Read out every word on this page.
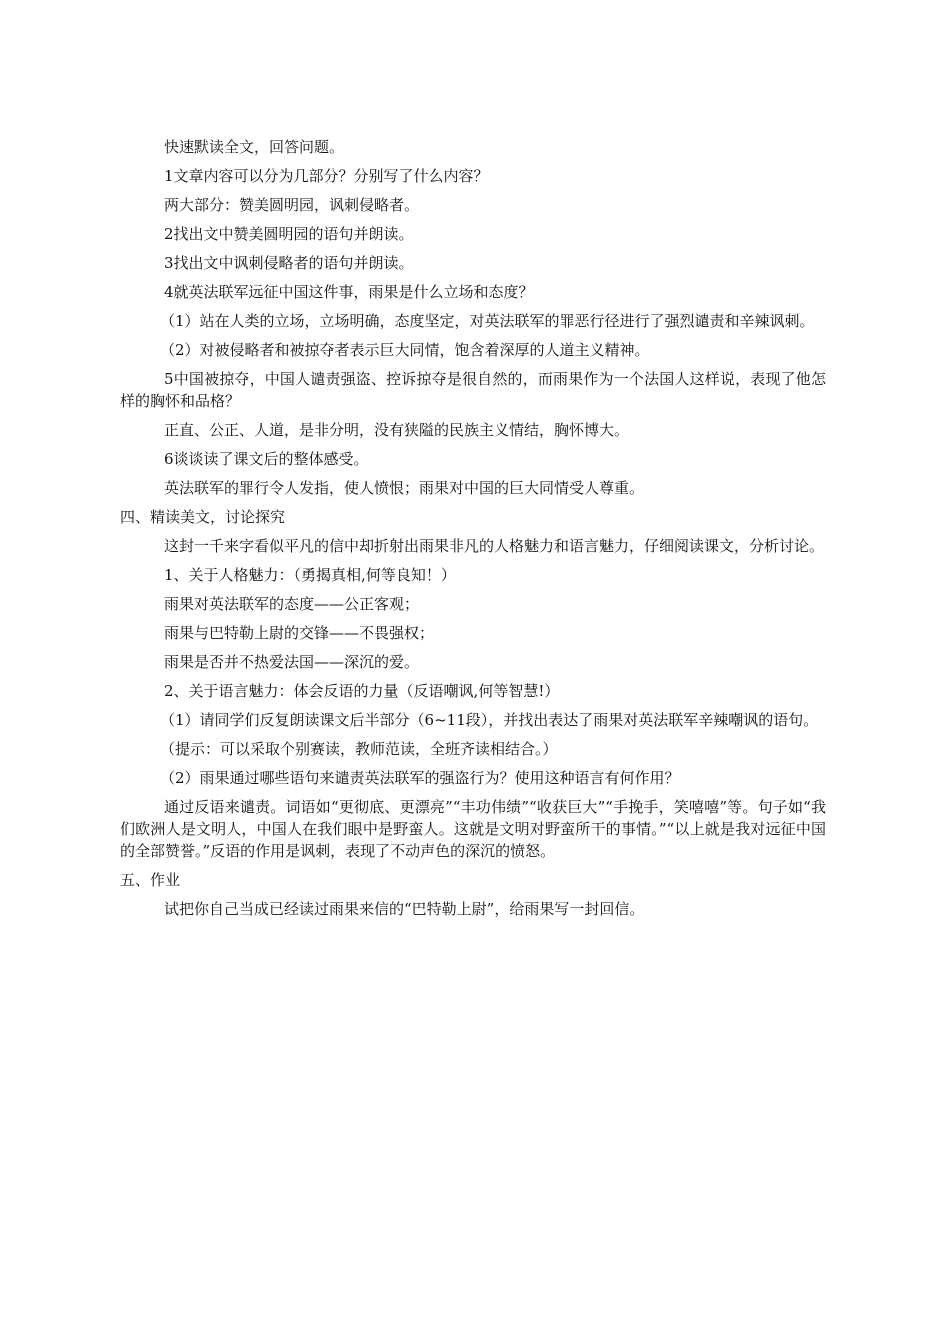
快速默读全文，回答问题。

1文章内容可以分为几部分？分别写了什么内容？

两大部分：赞美圆明园，讽刺侵略者。

2找出文中赞美圆明园的语句并朗读。

3找出文中讽刺侵略者的语句并朗读。

4就英法联军远征中国这件事，雨果是什么立场和态度？

（1）站在人类的立场，立场明确，态度坚定，对英法联军的罪恶行径进行了强烈谴责和辛辣讽刺。

（2）对被侵略者和被掠夺者表示巨大同情，饱含着深厚的人道主义精神。

5中国被掠夺，中国人谴责强盗、控诉掠夺是很自然的，而雨果作为一个法国人这样说，表现了他怎样的胸怀和品格？

正直、公正、人道，是非分明，没有狭隘的民族主义情结，胸怀博大。

6谈谈读了课文后的整体感受。

英法联军的罪行令人发指，使人愤恨；雨果对中国的巨大同情受人尊重。

四、精读美文，讨论探究

这封一千来字看似平凡的信中却折射出雨果非凡的人格魅力和语言魅力，仔细阅读课文，分析讨论。

1、关于人格魅力：（勇揭真相,何等良知！）

雨果对英法联军的态度——公正客观；

雨果与巴特勒上尉的交锋——不畏强权；

雨果是否并不热爱法国——深沉的爱。

2、关于语言魅力：体会反语的力量（反语嘲讽,何等智慧!）

（1）请同学们反复朗读课文后半部分（6~11段），并找出表达了雨果对英法联军辛辣嘲讽的语句。

（提示：可以采取个别赛读，教师范读，全班齐读相结合。）

（2）雨果通过哪些语句来谴责英法联军的强盗行为？使用这种语言有何作用？

通过反语来谴责。词语如“更彻底、更漂亮”“丰功伟绩”“收获巨大”“手挽手，笑嘻嘻”等。句子如“我们欧洲人是文明人，中国人在我们眼中是野蛮人。这就是文明对野蛮所干的事情。”“以上就是我对远征中国的全部赞誉。”反语的作用是讽刺，表现了不动声色的深沉的愤怒。

五、作业

试把你自己当成已经读过雨果来信的“巴特勒上尉”，给雨果写一封回信。
